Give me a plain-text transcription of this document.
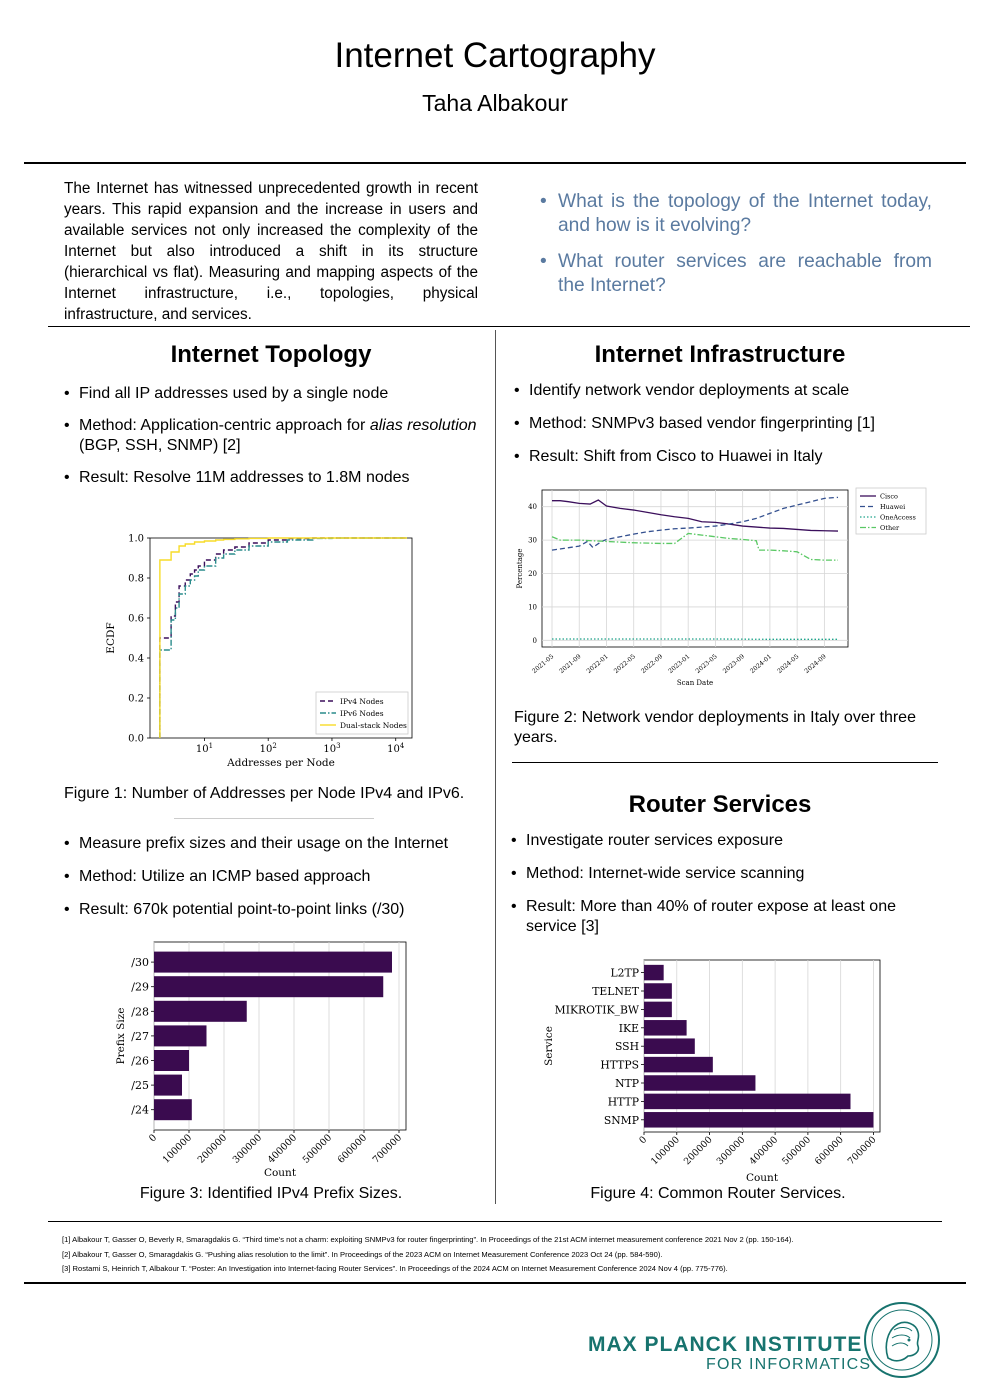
Internet Cartography
Taha Albakour
The Internet has witnessed unprecedented growth in recent years. This rapid expansion and the increase in users and available services not only increased the complexity of the Internet but also introduced a shift in its structure (hierarchical vs flat). Measuring and mapping aspects of the Internet infrastructure, i.e., topologies, physical infrastructure, and services.
• What is the topology of the Internet today, and how is it evolving?
• What router services are reachable from the Internet?
Internet Topology
• Find all IP addresses used by a single node
• Method: Application-centric approach for alias resolution (BGP, SSH, SNMP) [2]
• Result: Resolve 11M addresses to 1.8M nodes
0.0
0.2
0.4
0.6
0.8
1.0
$10^1$	$10^2$	$10^3$	$10^4$
Addresses per Node
ECDF
IPv4 Nodes
IPv6 Nodes
Dual-stack Nodes
Figure 1: Number of Addresses per Node IPv4 and IPv6.
• Measure prefix sizes and their usage on the Internet
• Method: Utilize an ICMP based approach
• Result: 670k potential point-to-point links (/30)
0 100000 200000 300000 400000 500000 600000 700000
/24
/25
/26
/27
/28
/29
/30
Count
Prefix Size
Figure 3: Identified IPv4 Prefix Sizes.
Internet Infrastructure
• Identify network vendor deployments at scale
• Method: SNMPv3 based vendor fingerprinting [1]
• Result: Shift from Cisco to Huawei in Italy
0
10
20
30
40
2021-05 2021-09 2022-01 2022-05 2022-09 2023-01 2023-05 2023-09 2024-01 2024-05 2024-09
Scan Date
Percentage
Cisco
Huawei
OneAccess
Other
Figure 2: Network vendor deployments in Italy over three years.
Router Services
• Investigate router services exposure
• Method: Internet-wide service scanning
• Result: More than 40% of router expose at least one service [3]
0 100000 200000 300000 400000 500000 600000 700000
SNMP
HTTP
NTP
HTTPS
SSH
IKE
MIKROTIK_BW
TELNET
L2TP
Count
Service
Figure 4: Common Router Services.
[1] Albakour T, Gasser O, Beverly R, Smaragdakis G. “Third time's not a charm: exploiting SNMPv3 for router fingerprinting”. In Proceedings of the 21st ACM internet measurement conference 2021 Nov 2 (pp. 150-164).
[2] Albakour T, Gasser O, Smaragdakis G. “Pushing alias resolution to the limit”. In Proceedings of the 2023 ACM on Internet Measurement Conference 2023 Oct 24 (pp. 584-590).
[3] Rostami S, Heinrich T, Albakour T. “Poster: An Investigation into Internet-facing Router Services”. In Proceedings of the 2024 ACM on Internet Measurement Conference 2024 Nov 4 (pp. 775-776).
MAX PLANCK INSTITUTE
FOR INFORMATICS
